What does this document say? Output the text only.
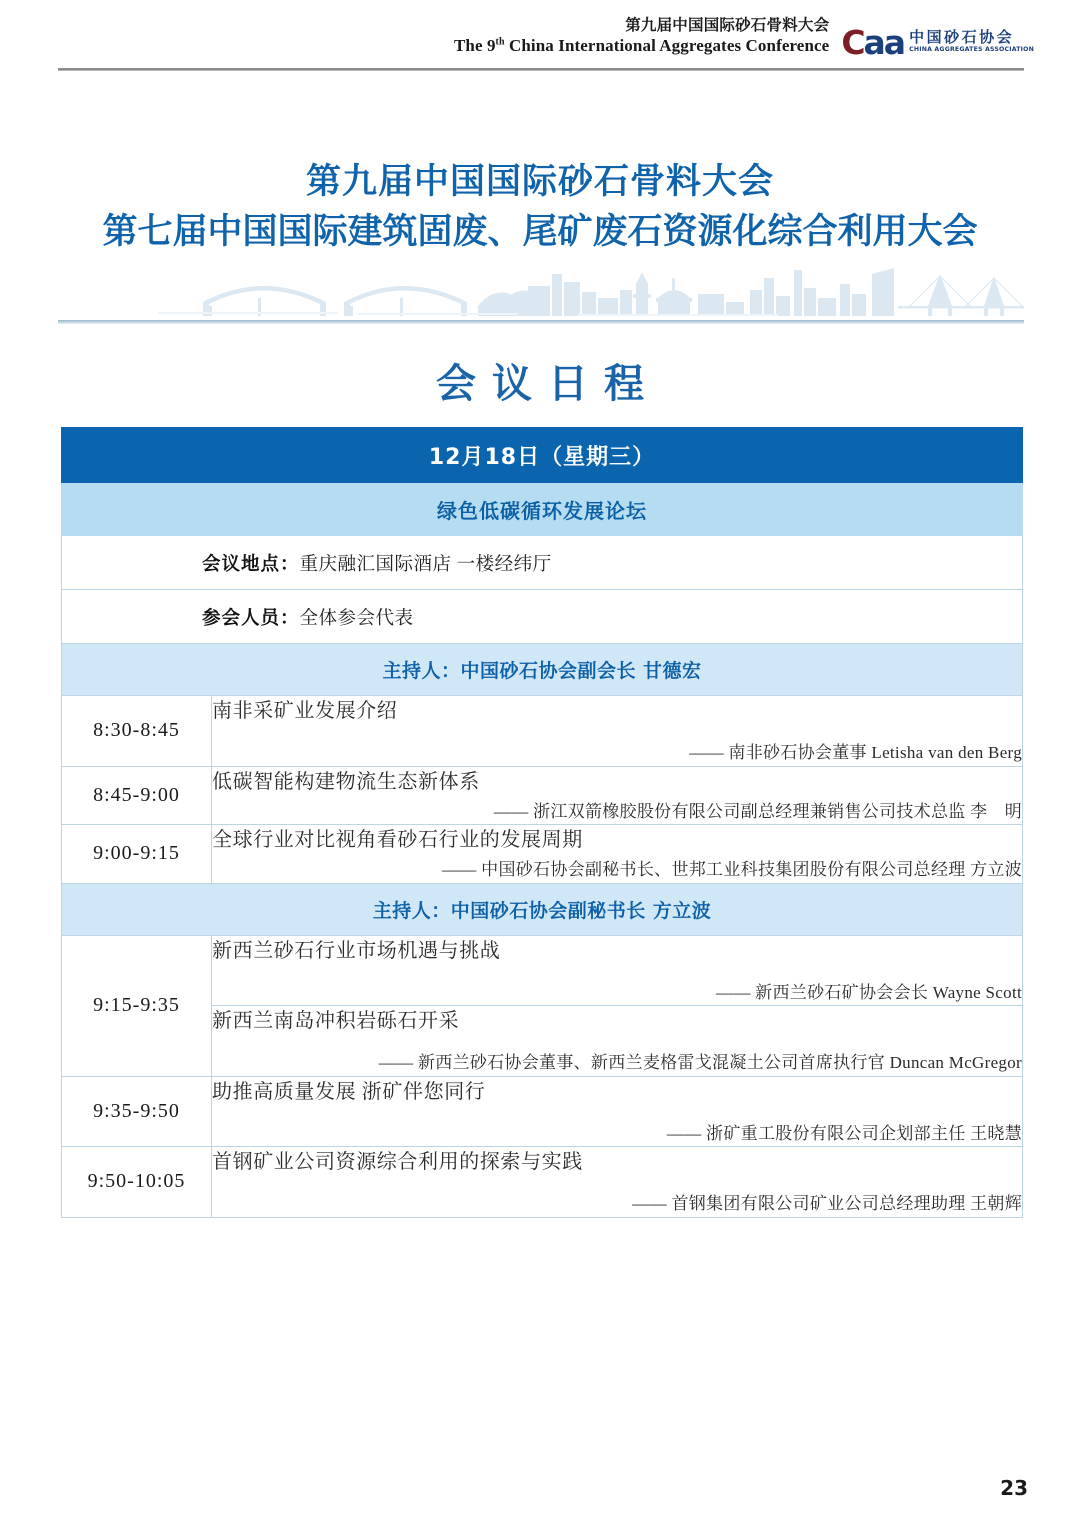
第九届中国国际砂石骨料大会
The 9th China International Aggregates Conference C aa 中国砂石协会
CHINA AGGREGATES ASSOCIATION
第九届中国国际砂石骨料大会
第七届中国国际建筑固废、尾矿废石资源化综合利用大会
会议日程
12月18日（星期三）	
绿色低碳循环发展论坛	
会议地点：重庆融汇国际酒店 一楼经纬厅	
参会人员：全体参会代表	
主持人：中国砂石协会副会长 甘德宏	
8:30-8:45	南非采矿业发展介绍
—— 南非砂石协会董事 Letisha van den Berg

8:45-9:00	低碳智能构建物流生态新体系
—— 浙江双箭橡胶股份有限公司副总经理兼销售公司技术总监 李　明

9:00-9:15	全球行业对比视角看砂石行业的发展周期
—— 中国砂石协会副秘书长、世邦工业科技集团股份有限公司总经理 方立波

主持人：中国砂石协会副秘书长 方立波	
9:15-9:35	新西兰砂石行业市场机遇与挑战
—— 新西兰砂石矿协会会长 Wayne Scott

	新西兰南岛冲积岩砾石开采
—— 新西兰砂石协会董事、新西兰麦格雷戈混凝土公司首席执行官 Duncan McGregor

9:35-9:50	助推高质量发展 浙矿伴您同行
—— 浙矿重工股份有限公司企划部主任 王晓慧

9:50-10:05	首钢矿业公司资源综合利用的探索与实践
—— 首钢集团有限公司矿业公司总经理助理 王朝辉
23
